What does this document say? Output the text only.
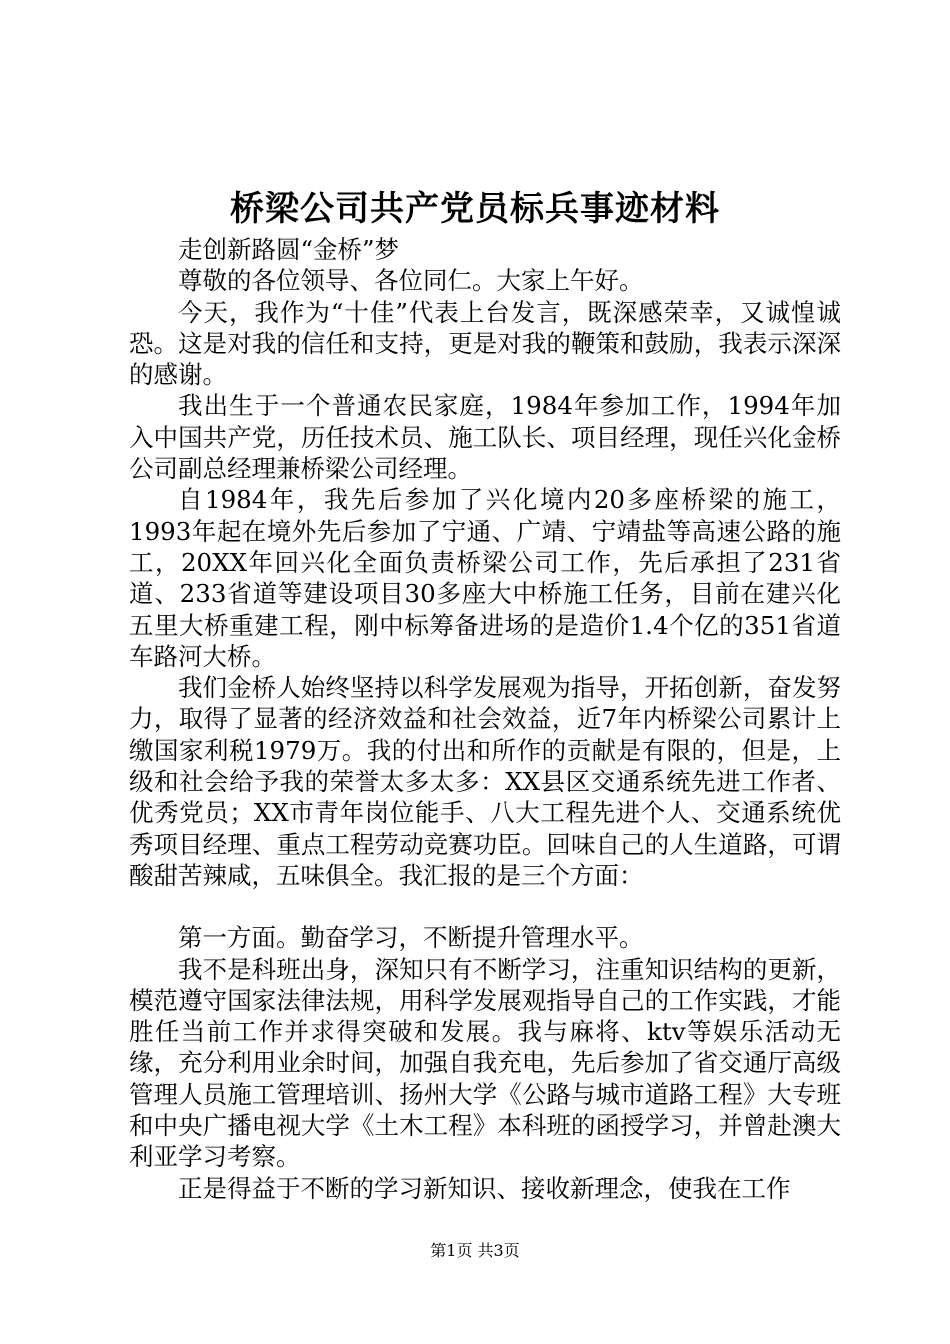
桥梁公司共产党员标兵事迹材料

走创新路圆“金桥”梦

尊敬的各位领导、各位同仁。大家上午好。

今天，我作为“十佳”代表上台发言，既深感荣幸，又诚惶诚恐。这是对我的信任和支持，更是对我的鞭策和鼓励，我表示深深的感谢。

我出生于一个普通农民家庭，1984年参加工作，1994年加入中国共产党，历任技术员、施工队长、项目经理，现任兴化金桥公司副总经理兼桥梁公司经理。

自1984年，我先后参加了兴化境内20多座桥梁的施工，1993年起在境外先后参加了宁通、广靖、宁靖盐等高速公路的施工，20XX年回兴化全面负责桥梁公司工作，先后承担了231省道、233省道等建设项目30多座大中桥施工任务，目前在建兴化五里大桥重建工程，刚中标筹备进场的是造价1.4个亿的351省道车路河大桥。

我们金桥人始终坚持以科学发展观为指导，开拓创新，奋发努力，取得了显著的经济效益和社会效益，近7年内桥梁公司累计上缴国家利税1979万。我的付出和所作的贡献是有限的，但是，上级和社会给予我的荣誉太多太多：XX县区交通系统先进工作者、优秀党员；XX市青年岗位能手、八大工程先进个人、交通系统优秀项目经理、重点工程劳动竞赛功臣。回味自己的人生道路，可谓酸甜苦辣咸，五味俱全。我汇报的是三个方面：

第一方面。勤奋学习，不断提升管理水平。

我不是科班出身，深知只有不断学习，注重知识结构的更新，模范遵守国家法律法规，用科学发展观指导自己的工作实践，才能胜任当前工作并求得突破和发展。我与麻将、ktv等娱乐活动无缘，充分利用业余时间，加强自我充电，先后参加了省交通厅高级管理人员施工管理培训、扬州大学《公路与城市道路工程》大专班和中央广播电视大学《土木工程》本科班的函授学习，并曾赴澳大利亚学习考察。

正是得益于不断的学习新知识、接收新理念，使我在工作

第1页 共3页
